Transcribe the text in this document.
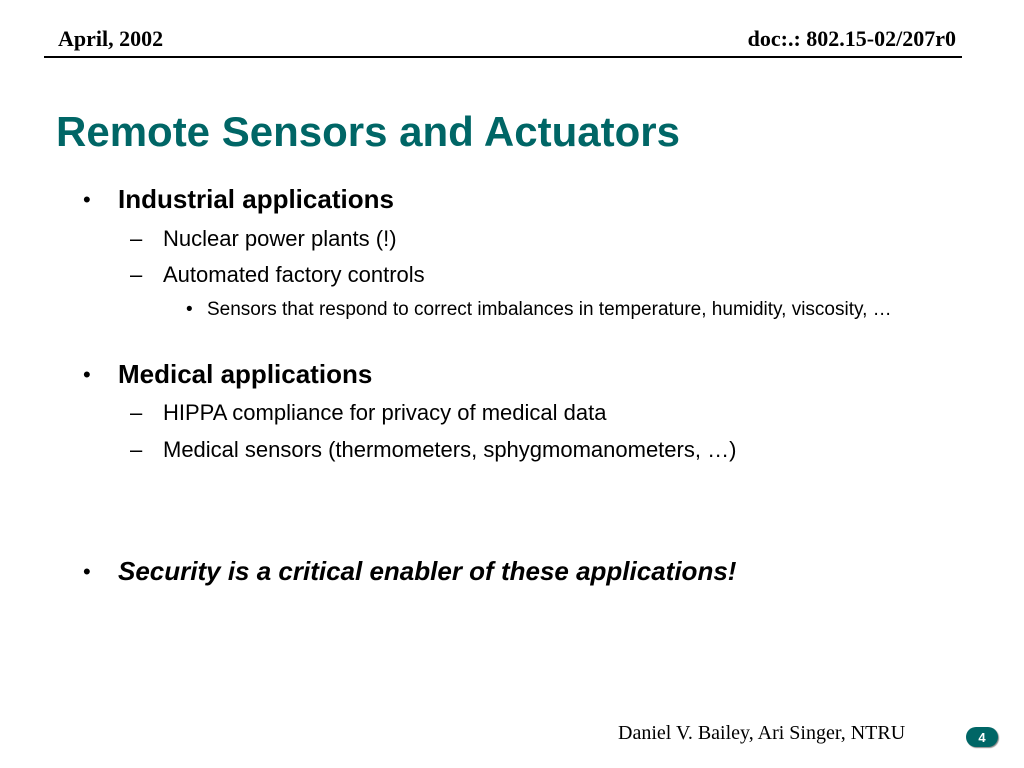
April, 2002	doc:.: 802.15-02/207r0
Remote Sensors and Actuators
• Industrial applications
– Nuclear power plants (!)
– Automated factory controls
• Sensors that respond to correct imbalances in temperature, humidity, viscosity, …
• Medical applications
– HIPPA compliance for privacy of medical data
– Medical sensors (thermometers, sphygmomanometers, …)
• Security is a critical enabler of these applications!
Daniel V. Bailey, Ari Singer, NTRU	4
